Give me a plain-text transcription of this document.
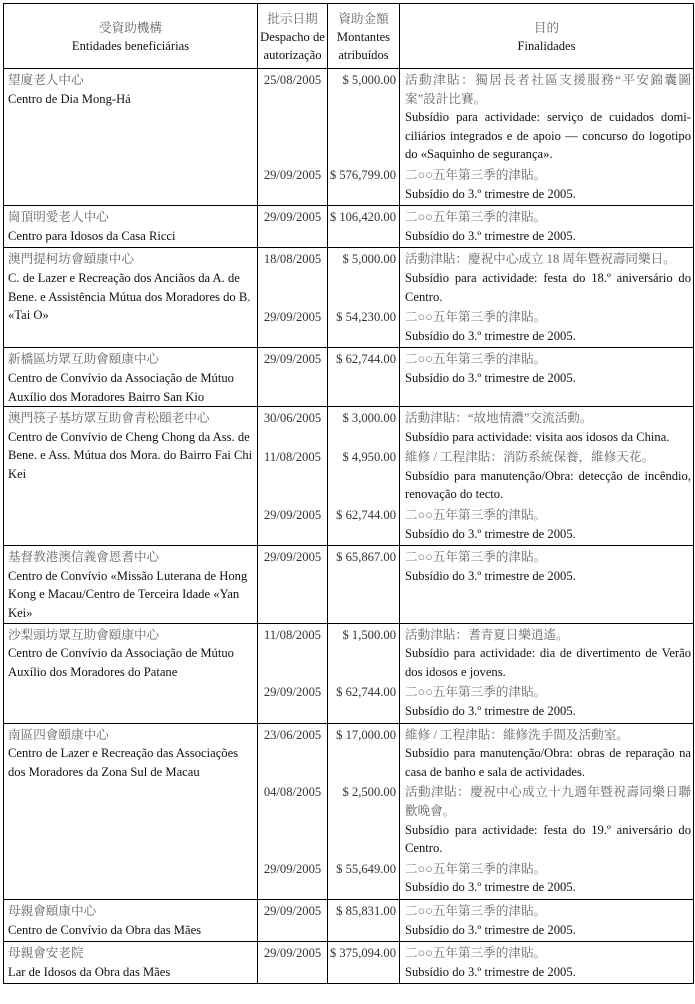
受資助機構
Entidades beneficiárias
批示日期
Despacho de autorização
資助金額
Montantes atribuídos
目的
Finalidades
望廈老人中心
Centro de Dia Mong-Há
25/08/2005	$ 5,000.00 活動津貼：獨居長者社區支援服務“平安錦囊圖案”設計比賽。
Subsídio para actividade: serviço de cuidados domi-ciliários integrados e de apoio — concurso do logotipo do «Saquinho de segurança».
29/09/2005 $ 576,799.00 二○○五年第三季的津貼。
Subsídio do 3.º trimestre de 2005.
崗頂明愛老人中心
Centro para Idosos da Casa Ricci
29/09/2005 $ 106,420.00 二○○五年第三季的津貼。
Subsídio do 3.º trimestre de 2005.
澳門提柯坊會頤康中心
C. de Lazer e Recreação dos Anciãos da A. de Bene. e Assistência Mútua dos Moradores do B. «Tai O»
18/08/2005	$ 5,000.00 活動津貼：慶祝中心成立 18 周年暨祝壽同樂日。
Subsídio para actividade: festa do 18.º aniversário do Centro.
29/09/2005	$ 54,230.00 二○○五年第三季的津貼。
Subsídio do 3.º trimestre de 2005.
新橋區坊眾互助會頤康中心
Centro de Convívio da Associação de Mútuo Auxílio dos Moradores Bairro San Kio
29/09/2005	$ 62,744.00 二○○五年第三季的津貼。
Subsídio do 3.º trimestre de 2005.
澳門筷子基坊眾互助會青松頤老中心
Centro de Convívio de Cheng Chong da Ass. de Bene. e Ass. Mútua dos Mora. do Bairro Fai Chi Kei
30/06/2005	$ 3,000.00 活動津貼：“故地情濃”交流活動。
Subsídio para actividade: visita aos idosos da China.
11/08/2005	$ 4,950.00 維修 / 工程津貼：消防系統保養，維修天花。
Subsídio para manutenção/Obra: detecção de incêndio, renovação do tecto.
29/09/2005	$ 62,744.00 二○○五年第三季的津貼。
Subsídio do 3.º trimestre de 2005.
基督教港澳信義會恩耆中心
Centro de Convívio «Missão Luterana de Hong Kong e Macau/Centro de Terceira Idade «Yan Kei»
29/09/2005	$ 65,867.00 二○○五年第三季的津貼。
Subsídio do 3.º trimestre de 2005.
沙梨頭坊眾互助會頤康中心
Centro de Convívio da Associação de Mútuo Auxílio dos Moradores do Patane
11/08/2005	$ 1,500.00 活動津貼：耆青夏日樂逍遙。
Subsídio para actividade: dia de divertimento de Verão dos idosos e jovens.
29/09/2005	$ 62,744.00 二○○五年第三季的津貼。
Subsídio do 3.º trimestre de 2005.
南區四會頤康中心
Centro de Lazer e Recreação das Associações dos Moradores da Zona Sul de Macau
23/06/2005	$ 17,000.00 維修 / 工程津貼：維修洗手間及活動室。
Subsídio para manutenção/Obra: obras de reparação na casa de banho e sala de actividades.
04/08/2005	$ 2,500.00 活動津貼：慶祝中心成立十九週年暨祝壽同樂日聯歡晚會。
Subsídio para actividade: festa do 19.º aniversário do Centro.
29/09/2005	$ 55,649.00 二○○五年第三季的津貼。
Subsídio do 3.º trimestre de 2005.
母親會頤康中心
Centro de Convívio da Obra das Mães
29/09/2005	$ 85,831.00 二○○五年第三季的津貼。
Subsídio do 3.º trimestre de 2005.
母親會安老院
Lar de Idosos da Obra das Mães
29/09/2005 $ 375,094.00 二○○五年第三季的津貼。
Subsídio do 3.º trimestre de 2005.
